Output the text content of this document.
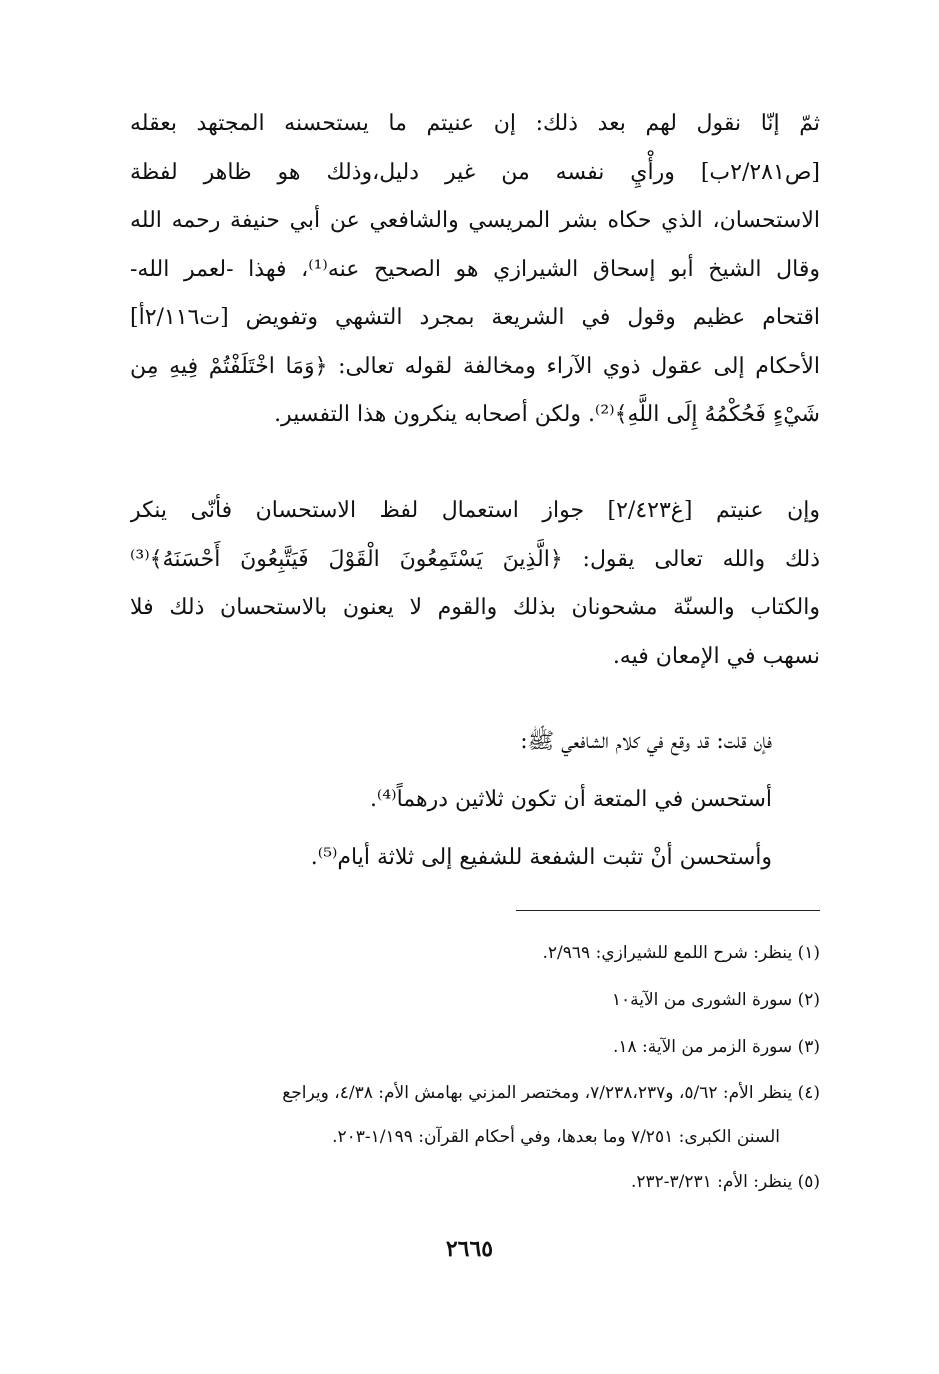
ثمّ إنّا نقول لهم بعد ذلك: إن عنيتم ما يستحسنه المجتهد بعقله
[ص٢/٢٨١ب] ورأْيِ نفسه من غير دليل،وذلك هو ظاهر لفظة
الاستحسان، الذي حكاه بشر المريسي والشافعي عن أبي حنيفة رحمه الله
وقال الشيخ أبو إسحاق الشيرازي هو الصحيح عنه⁽¹⁾، فهذا -لعمر الله-
اقتحام عظيم وقول في الشريعة بمجرد التشهي وتفويض [ت٢/١١٦أ]
الأحكام إلى عقول ذوي الآراء ومخالفة لقوله تعالى: ﴿وَمَا اخْتَلَفْتُمْ فِيهِ مِن
شَيْءٍ فَحُكْمُهُ إِلَى اللَّهِ﴾⁽²⁾. ولكن أصحابه ينكرون هذا التفسير.
وإن عنيتم [غ٢/٤٢٣] جواز استعمال لفظ الاستحسان فأنّى ينكر
ذلك والله تعالى يقول: ﴿الَّذِينَ يَسْتَمِعُونَ الْقَوْلَ فَيَتَّبِعُونَ أَحْسَنَهُ﴾⁽³⁾
والكتاب والسنّة مشحونان بذلك والقوم لا يعنون بالاستحسان ذلك فلا
نسهب في الإمعان فيه.

فإن قلت: قد وقع في كلام الشافعي ﷺ:

أستحسن في المتعة أن تكون ثلاثين درهماً⁽⁴⁾.

وأستحسن أنْ تثبت الشفعة للشفيع إلى ثلاثة أيام⁽⁵⁾.

(١) ينظر: شرح اللمع للشيرازي: ٢/٩٦٩.
(٢) سورة الشورى من الآية١٠
(٣) سورة الزمر من الآية: ١٨.
(٤) ينظر الأم: ٥/٦٢، و٧/٢٣٨،٢٣٧، ومختصر المزني بهامش الأم: ٤/٣٨، ويراجع
السنن الكبرى: ٧/٢٥١ وما بعدها، وفي أحكام القرآن: ١/١٩٩-٢٠٣.
(٥) ينظر: الأم: ٣/٢٣١-٢٣٢.
٢٦٦٥
